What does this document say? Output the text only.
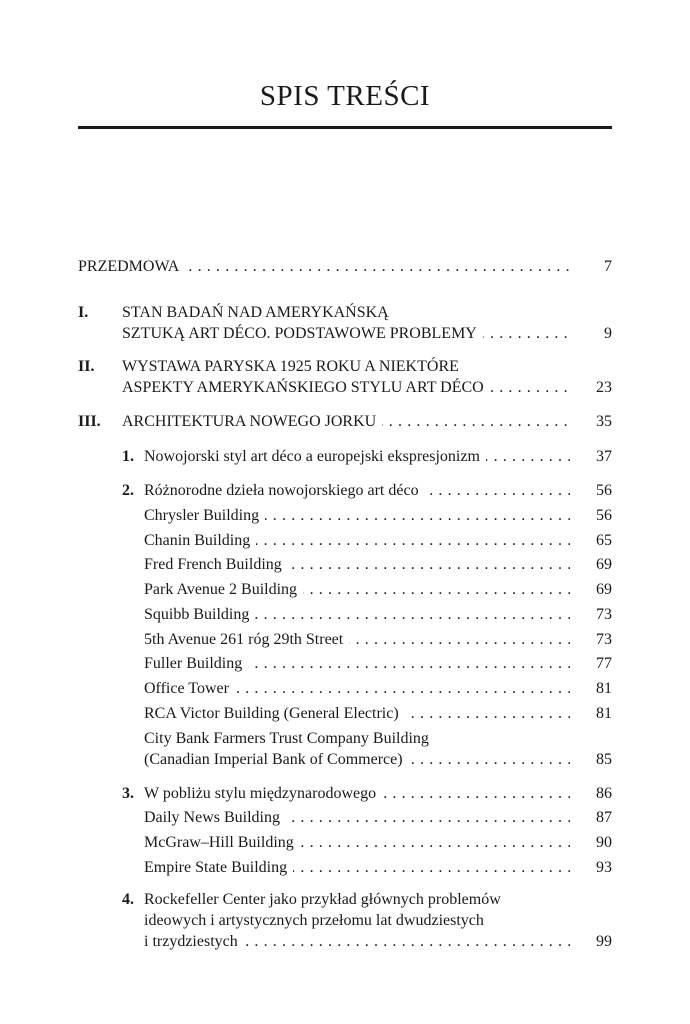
SPIS TREŚCI
PRZEDMOWA . . .	7
I. STAN BADAŃ NAD AMERYKAŃSKĄ
SZTUKĄ ART DÉCO. PODSTAWOWE PROBLEMY . . .	9
II. WYSTAWA PARYSKA 1925 ROKU A NIEKTÓRE
ASPEKTY AMERYKAŃSKIEGO STYLU ART DÉCO . . .	23
III. ARCHITEKTURA NOWEGO JORKU . . .	35
1. Nowojorski styl art déco a europejski ekspresjonizm . . .	37
2. Różnorodne dzieła nowojorskiego art déco . . .	56
Chrysler Building . . .	56
Chanin Building . . .	65
Fred French Building . . .	69
Park Avenue 2 Building . . .	69
Squibb Building . . .	73
5th Avenue 261 róg 29th Street . . .	73
Fuller Building . . .	77
Office Tower . . .	81
RCA Victor Building (General Electric) . . .	81
City Bank Farmers Trust Company Building
(Canadian Imperial Bank of Commerce) . . .	85
3. W pobliżu stylu międzynarodowego . . .	86
Daily News Building . . .	87
McGraw–Hill Building . . .	90
Empire State Building . . .	93
4. Rockefeller Center jako przykład głównych problemów
ideowych i artystycznych przełomu lat dwudziestych
i trzydziestych . . .	99
